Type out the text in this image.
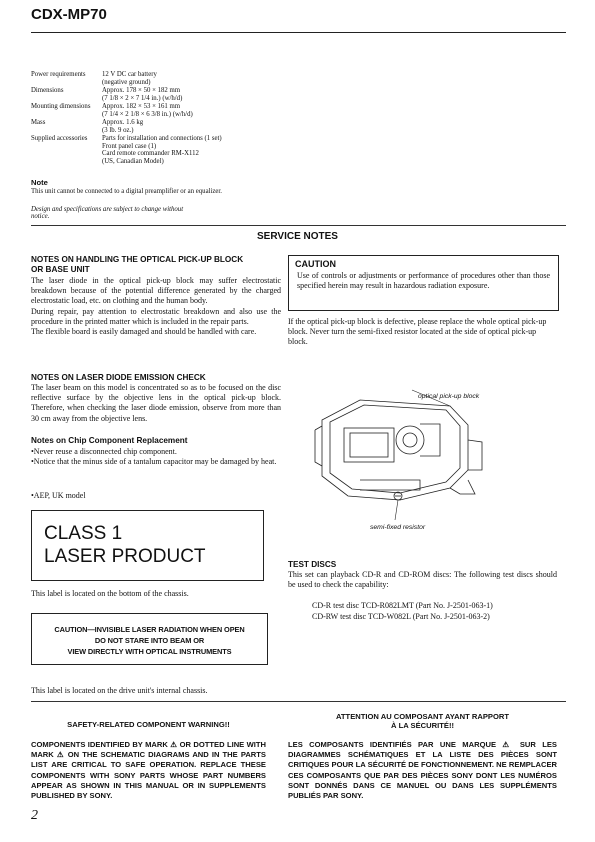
CDX-MP70
Power requirements	12 V DC car battery
(negative ground)
Dimensions	Approx. 178 × 50 × 182 mm
(7 1/8 × 2 × 7 1/4 in.) (w/h/d)
Mounting dimensions	Approx. 182 × 53 × 161 mm
(7 1/4 × 2 1/8 × 6 3/8 in.) (w/h/d)
Mass	Approx. 1.6 kg
(3 lb. 9 oz.)
Supplied accessories	Parts for installation and connections (1 set)
Front panel case (1)
Card remote commander RM-X112
(US, Canadian Model)
Note
This unit cannot be connected to a digital preamplifier or an equalizer.
Design and specifications are subject to change without
notice.
SERVICE NOTES
NOTES ON HANDLING THE OPTICAL PICK-UP BLOCK
OR BASE UNIT
The laser diode in the optical pick-up block may suffer electrostatic breakdown because of the potential difference generated by the charged electrostatic load, etc. on clothing and the human body.
During repair, pay attention to electrostatic breakdown and also use the procedure in the printed matter which is included in the repair parts.
The flexible board is easily damaged and should be handled with care.
NOTES ON LASER DIODE EMISSION CHECK
The laser beam on this model is concentrated so as to be focused on the disc reflective surface by the objective lens in the optical pick-up block. Therefore, when checking the laser diode emission, observe from more than 30 cm away from the objective lens.
Notes on Chip Component Replacement
•Never reuse a disconnected chip component.
•Notice that the minus side of a tantalum capacitor may be damaged by heat.
•AEP, UK model
CLASS 1
LASER PRODUCT
This label is located on the bottom of the chassis.
CAUTION—INVISIBLE LASER RADIATION WHEN OPEN
DO NOT STARE INTO BEAM OR
VIEW DIRECTLY WITH OPTICAL INSTRUMENTS
This label is located on the drive unit's internal chassis.
CAUTION
Use of controls or adjustments or performance of procedures other than those specified herein may result in hazardous radiation exposure.
If the optical pick-up block is defective, please replace the whole optical pick-up block. Never turn the semi-fixed resistor located at the side of optical pick-up block.
optical pick-up block
semi-fixed resistor
TEST DISCS
This set can playback CD-R and CD-ROM discs: The following test discs should be used to check the capability:
CD-R test disc TCD-R082LMT (Part No. J-2501-063-1)
CD-RW test disc TCD-W082L (Part No. J-2501-063-2)
SAFETY-RELATED COMPONENT WARNING!!
COMPONENTS IDENTIFIED BY MARK ⚠ OR DOTTED LINE WITH MARK ⚠ ON THE SCHEMATIC DIAGRAMS AND IN THE PARTS LIST ARE CRITICAL TO SAFE OPERATION. REPLACE THESE COMPONENTS WITH SONY PARTS WHOSE PART NUMBERS APPEAR AS SHOWN IN THIS MANUAL OR IN SUPPLEMENTS PUBLISHED BY SONY.
ATTENTION AU COMPOSANT AYANT RAPPORT
À LA SÉCURITÉ!!
LES COMPOSANTS IDENTIFIÉS PAR UNE MARQUE ⚠ SUR LES DIAGRAMMES SCHÉMATIQUES ET LA LISTE DES PIÈCES SONT CRITIQUES POUR LA SÉCURITÉ DE FONCTIONNEMENT. NE REMPLACER CES COMPOSANTS QUE PAR DES PIÈCES SONY DONT LES NUMÉROS SONT DONNÉS DANS CE MANUEL OU DANS LES SUPPLÉMENTS PUBLIÉS PAR SONY.
2
